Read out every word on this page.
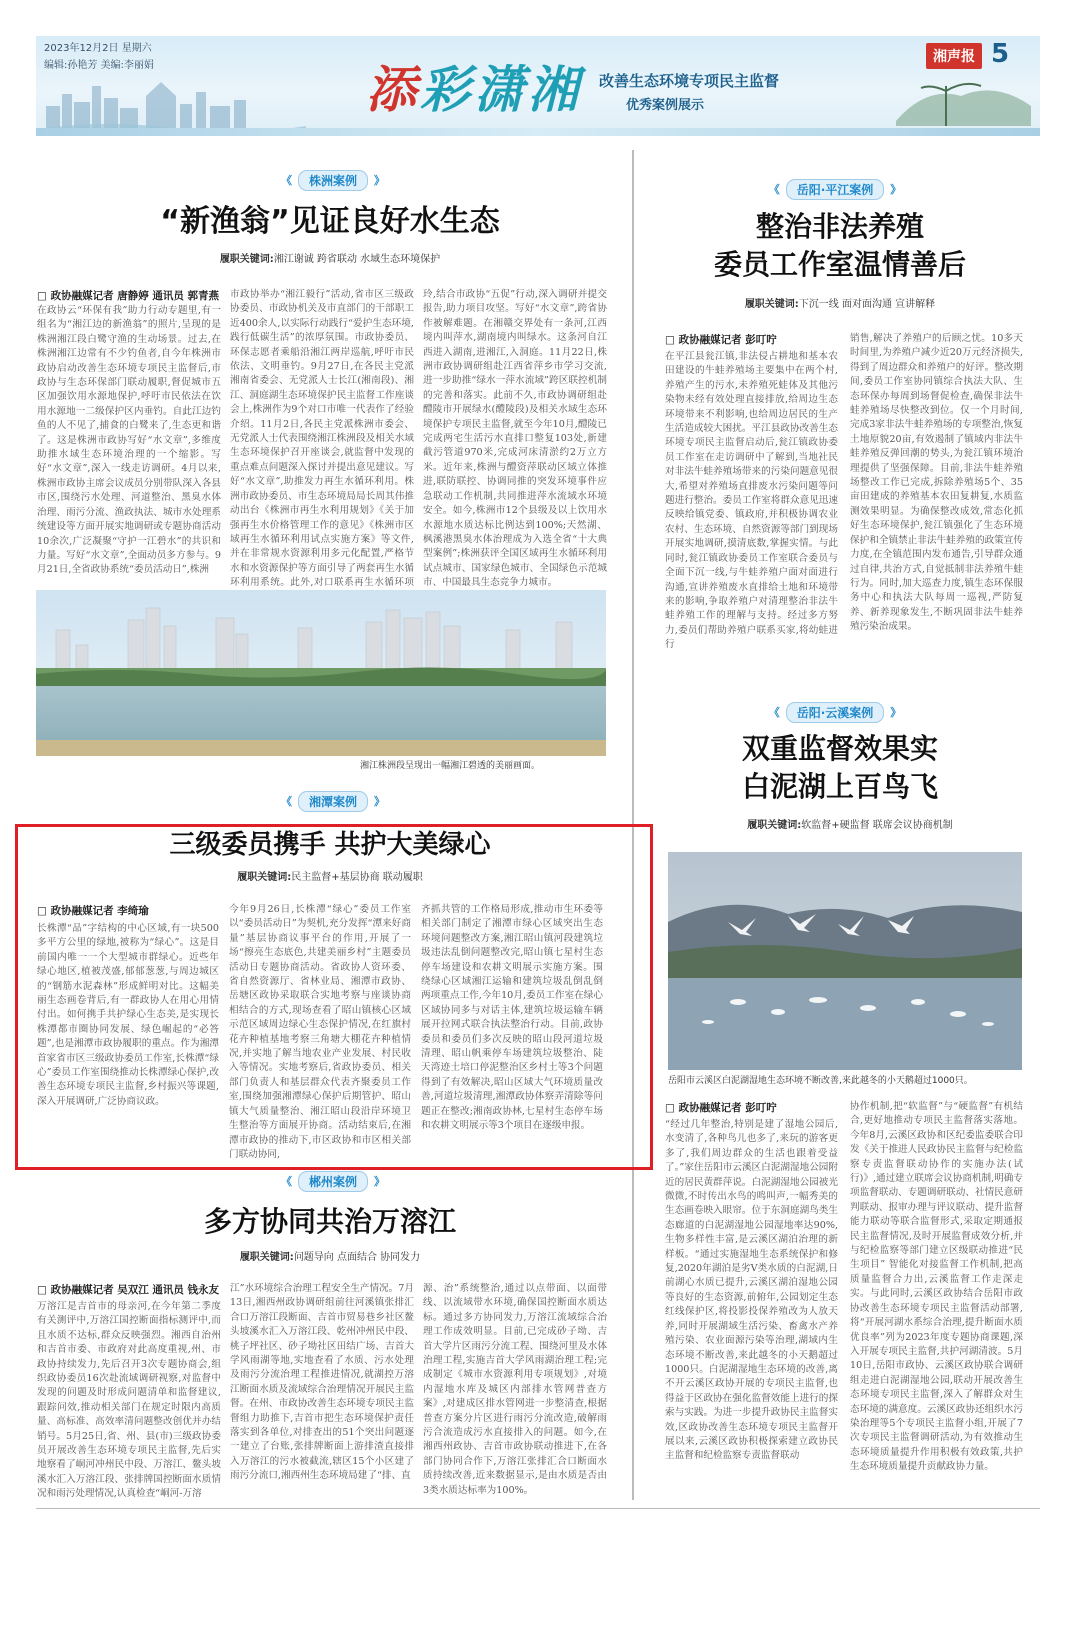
2023年12月2日 星期六
编辑:孙艳芳 美编:李丽娟	添彩潇湘 改善生态环境专项民主监督
优秀案例展示
湘声报 5
《	株洲案例	》
“新渔翁”见证良好水生态
履职关键词:湘江谢诚 跨省联动 水域生态环境保护
□ 政协融媒记者 唐静婷 通讯员 郭青燕
在政协云“环保有我”助力行动专题里,有一组名为“湘江边的新渔翁”的照片,呈现的是株洲湘江段白鹭守渔的生动场景。过去,在株洲湘江边常有不少钓鱼者,自今年株洲市政协启动改善生态环境专项民主监督后,市政协与生态环保部门联动履职,督促城市五区加强饮用水源地保护,呼吁市民依法在饮用水源地一二级保护区内垂钓。自此江边钓鱼的人不见了,捕食的白鹭来了,生态更和谐了。这是株洲市政协写好“水文章”,多维度助推水域生态环境治理的一个缩影。写好“水文章”,深入一线走访调研。4月以来,株洲市政协主席会议成员分别带队深入各县市区,围绕污水处理、河道整治、黑臭水体治理、雨污分流、渔政执法、城市水处理系统建设等方面开展实地调研或专题协商活动10余次,广泛凝聚“守护一江碧水”的共识和力量。写好“水文章”,全面动员多方参与。9月21日,全省政协系统“委员活动日”,株洲
市政协举办“湘江毅行”活动,省市区三级政协委员、市政协机关及市直部门的干部职工近400余人,以实际行动践行“爱护生态环境,践行低碳生活”的浓厚氛围。市政协委员、环保志愿者乘船沿湘江两岸巡航,呼吁市民依法、文明垂钓。9月27日,在各民主党派湘南省委会、无党派人士长江(湘南段)、湘江、洞庭湖生态环境保护民主监督工作座谈会上,株洲作为9个对口市唯一代表作了经验介绍。11月2日,各民主党派株洲市委会、无党派人士代表围绕湘江株洲段及相关水域生态环境保护召开座谈会,就监督中发现的重点难点问题深入探讨并提出意见建议。写好“水文章”,助推发力再生水循环利用。株洲市政协委员、市生态环境局局长周其伟推动出台《株洲市再生水利用规划》《关于加强再生水价格管理工作的意见》《株洲市区域再生水循环利用试点实施方案》等文件,并在非常规水资源利用多元化配置,严格节水和水资源保护等方面引导了两套再生水循环利用系统。此外,对口联系再生水循环项
玲,结合市政协“五促”行动,深入调研并提交报告,助力项目攻坚。写好“水文章”,跨省协作被解难题。在湘赣交界处有一条河,江西境内叫萍水,湖南境内叫绿水。这条河自江西进入湖南,进湘江,入洞庭。11月22日,株洲市政协调研组赴江西省萍乡市学习交流,进一步助推“绿水一萍水流域”跨区联控机制的完善和落实。此前不久,市政协调研组赴醴陵市开展绿水(醴陵段)及相关水域生态环境保护专项民主监督,就至今年10月,醴陵已完成两宅生活污水直排口整复103处,新建截污管道970米,完成河床清淤约2万立方米。近年来,株洲与醴资萍联动区域立体推进,联防联控、协调同推的突发环境事件应急联动工作机制,共同推进萍水流域水环境安全。如今,株洲市12个县级及以上饮用水水源地水质达标比例达到100%;天然湖、枫溪港黑臭水体治理成为入选全省“十大典型案例”;株洲获评全国区域再生水循环利用试点城市、国家绿色城市、全国绿色示范城市、中国最具生态竞争力城市。
湘江株洲段呈现出一幅湘江碧透的美丽画面。
《	湘潭案例	》
三级委员携手 共护大美绿心
履职关键词:民主监督+基层协商 联动履职
□ 政协融媒记者 李绮瑜
长株潭“品”字结构的中心区域,有一块500多平方公里的绿地,被称为“绿心”。这是目前国内唯一一个大型城市群绿心。近些年绿心地区,植被茂盛,郁郁葱葱,与周边城区的“钢筋水泥森林”形成鲜明对比。这幅美丽生态画卷背后,有一群政协人在用心用情付出。如何携手共护绿心生态美,是实现长株潭都市圈协同发展、绿色崛起的“必答题”,也是湘潭市政协履职的重点。作为湘潭首家省市区三级政协委员工作室,长株潭“绿心”委员工作室围绕推动长株潭绿心保护,改善生态环境专项民主监督,乡村振兴等课题,深入开展调研,广泛协商议政。
今年9月26日,长株潭“绿心”委员工作室以“委员活动日”为契机,充分发挥“潭来好商量”基层协商议事平台的作用,开展了一场“擦亮生态底色,共建美丽乡村”主题委员活动日专题协商活动。省政协人资环委、省自然资源厅、省林业局、湘潭市政协、岳塘区政协采取联合实地考察与座谈协商相结合的方式,现场查看了昭山镇核心区域示范区域周边绿心生态保护情况,在红旗村花卉种植基地考察三角塘大棚花卉种植情况,并实地了解当地农业产业发展、村民收入等情况。实地考察后,省政协委员、相关部门负责人和基层群众代表齐聚委员工作室,围绕加强湘潭绿心保护后期管护、昭山镇大气质量整治、湘江昭山段沿岸环境卫生整治等方面展开协商。活动结束后,在湘潭市政协的推动下,市区政协和市区相关部门联动协同,
齐抓共管的工作格局形成,推动市生环委等相关部门制定了湘潭市绿心区域突出生态环境问题整改方案,湘江昭山镇河段建筑垃圾违法乱倒问题整改完,昭山镇七星村生态停车场建设和农耕文明展示实施方案。围绕绿心区域湘江运输和建筑垃圾乱倒乱倒两项重点工作,今年10月,委员工作室在绿心区域协同多与对话主体,建筑垃圾运输车辆展开拉网式联合执法整治行动。目前,政协委员和委员们多次反映的昭山段河道垃圾清理、昭山帆乘停车场建筑垃圾整治、陡天湾迹土培口停泥整治区乡村土等3个问题得到了有效解决,昭山区域大气环境质量改善,河道垃圾清理,湘潭政协体察弄清除等问题正在整改;湘南政协林,七星村生态停车场和农耕文明展示等3个项目在逐级申报。
《	郴州案例	》
多方协同共治万溶江
履职关键词:问题导向 点面结合 协同发力
□ 政协融媒记者 吴双江 通讯员 钱永友
万溶江是吉首市的母亲河,在今年第二季度有关测评中,万溶江国控断面指标测评中,而且水质不达标,群众反映强烈。湘西自治州和吉首市委、市政府对此高度重视,州、市政协持续发力,先后召开3次专题协商会,组织政协委员16次赴流域调研视察,对监督中发现的问题及时形成问题清单和监督建议,跟踪问效,推动相关部门在规定时限内高质量、高标准、高效率清问题整改创优并办结销号。5月25日,省、州、县(市)三级政协委员开展改善生态环境专项民主监督,先后实地察看了峒河冲州民中段、万溶江、鳌头坡溪水汇入万溶江段、张排牌国控断面水质情况和雨污处理情况,认真检查“峒河-万溶
江”水环境综合治理工程安全生产情况。7月13日,湘西州政协调研组前往河溪镇张排汇合口万溶江段断面、吉首市贸易巷乡社区鳌头坡溪水汇入万溶江段、乾州冲州民中段、桃子坪社区、砂子坳社区田结广场、吉首大学风雨湖等地,实地查看了水质、污水处理及雨污分流治理工程推进情况,就湖控万溶江断面水质及流域综合治理情况开展民主监督。在州、市政协改善生态环境专项民主监督组力助推下,吉首市把生态环境保护责任落实到各单位,对排查出的51个突出问题逐一建立了台账,张排牌断面上游排渣直接排入万溶江的污水被截流,辖区15个小区建了雨污分流口,湘西州生态环境局建了“排、直
源、治”系统整治,通过以点带面、以面带线、以流域带水环境,确保国控断面水质达标。通过多方协同发力,万溶江流域综合治理工作成效明显。目前,已完成砂子坳、吉首大学片区雨污分流工程、围绕河里及水体治理工程,实施吉首大学风雨湖治理工程;完成制定《城市水资源利用专项规划》,对境内湿地水库及城区内部排水管网普查方案》,对建成区排水管网进一步整清查,根据普查方案分片区进行雨污分流改造,破解雨污合流造成污水直接排入的问题。如今,在湘西州政协、吉首市政协联动推进下,在各部门协同合作下,万溶江张排汇合口断面水质持续改善,近来数据显示,是由水质是否由3类水质达标率为100%。
《	岳阳·平江案例	》
整治非法养殖
委员工作室温情善后
履职关键词:下沉一线 面对面沟通 宣讲解释
□ 政协融媒记者 彭叮咛
在平江县瓮江镇,非法侵占耕地和基本农田建设的牛蛙养殖场主要集中在两个村,养殖产生的污水,未养殖死蛙体及其他污染物未经有效处理直接排放,给周边生态环境带来不利影响,也给周边居民的生产生活造成较大困扰。平江县政协改善生态环境专项民主监督启动后,瓮江镇政协委员工作室在走访调研中了解到,当地社民对非法牛蛙养殖场带来的污染问题意见很大,希望对养殖场直排废水污染问题等问题进行整治。委员工作室将群众意见迅速反映给镇党委、镇政府,并积极协调农业农村、生态环境、自然资源等部门到现场开展实地调研,摸清底数,掌握实情。与此同时,瓮江镇政协委员工作室联合委员与全面下沉一线,与牛蛙养殖户面对面进行沟通,宣讲养殖废水直排给土地和环境带来的影响,争取养殖户对清理整治非法牛蛙养殖工作的理解与支持。经过多方努力,委员们帮助养殖户联系买家,将幼蛙进行
销售,解决了养殖户的后顾之忧。10多天时间里,为养殖户减少近20万元经济损失,得到了周边群众和养殖户的好评。整改期间,委员工作室协同镇综合执法大队、生态环保办每周到场督促检查,确保非法牛蛙养殖场尽快整改到位。仅一个月时间,完成3家非法牛蛙养殖场的专项整治,恢复土地原貌20亩,有效遏制了镇域内非法牛蛙养殖反弹回潮的势头,为瓮江镇环境治理提供了坚强保障。目前,非法牛蛙养殖场整改工作已完成,拆除养殖场5个、35亩田建成的养殖基本农田复耕复,水质监测效果明显。为确保整改成效,常态化抓好生态环境保护,瓮江镇强化了生态环境保护和全镇禁止非法牛蛙养殖的政策宣传力度,在全镇范围内发布通告,引导群众通过自律,共治方式,自觉抵制非法养殖牛蛙行为。同时,加大巡查力度,镇生态环保服务中心和执法大队每周一巡视,严防复养、新养现象发生,不断巩固非法牛蛙养殖污染治成果。
《	岳阳·云溪案例	》
双重监督效果实
白泥湖上百鸟飞
履职关键词:软监督+硬监督 联席会议协商机制
岳阳市云溪区白泥湖湿地生态环境不断改善,来此越冬的小天鹅超过1000只。
□ 政协融媒记者 彭叮咛
“经过几年整治,特别是建了湿地公园后,水变清了,各种鸟儿也多了,来玩的游客更多了,我们周边群众的生活也跟着受益了。”家住岳阳市云溪区白泥湖湿地公园附近的居民黄群萍说。白泥湖湿地公园被光微微,不时传出水鸟的鸣叫声,一幅秀美的生态画卷映入眼帘。位于东洞庭湖鸟类生态廊道的白泥湖湿地公园湿地率达90%,生物多样性丰富,是云溪区湖泊治理的新样板。“通过实施湿地生态系统保护和修复,2020年湖泊是劣Ⅴ类水质的白泥湖,日前湖心水质已提升,云溪区湖泊湿地公园等良好的生态资源,前俯年,公园划定生态红线保护区,将投影投保养殖改为人放天养,同时开展湖域生活污染、畜禽水产养殖污染、农业面源污染等治理,湖域内生态环境不断改善,来此越冬的小天鹅超过1000只。白泥湖湿地生态环境的改善,离不开云溪区政协开展的专项民主监督,也得益于区政协在强化监督效能上进行的探索与实践。为进一步提升政协民主监督实效,区政协改善生态环境专项民主监督开展以来,云溪区政协积极探索建立政协民主监督和纪检监察专责监督联动
协作机制,把“软监督”与“硬监督”有机结合,更好地推动专项民主监督落实落地。今年8月,云溪区政协和区纪委监委联合印发《关于推进人民政协民主监督与纪检监察专责监督联动协作的实施办法(试行)》,通过建立联席会议协商机制,明确专项监督联动、专题调研联动、社情民意研判联动、报审办理与评议联动、提升监督能力联动等联合监督形式,采取定期通报民主监督情况,及时开展监督成效分析,并与纪检监察等部门建立区级联动推进“民生项目” 智能化对接监督工作机制,把高质量监督合力出,云溪监督工作走深走实。与此同时,云溪区政协结合岳阳市政协改善生态环境专项民主监督活动部署,将“开展河湖水系综合治理,提升断面水质优良率”列为2023年度专题协商课题,深入开展专项民主监督,共护河湖清波。5月10日,岳阳市政协、云溪区政协联合调研组走进白泥湖湿地公园,联动开展改善生态环境专项民主监督,深入了解群众对生态环境的满意度。云溪区政协还组织水污染治理等5个专项民主监督小组,开展了7次专项民主监督调研活动,为有效推动生态环境质量提升作用积极有效政策,共护生态环境质量提升贡献政协力量。
